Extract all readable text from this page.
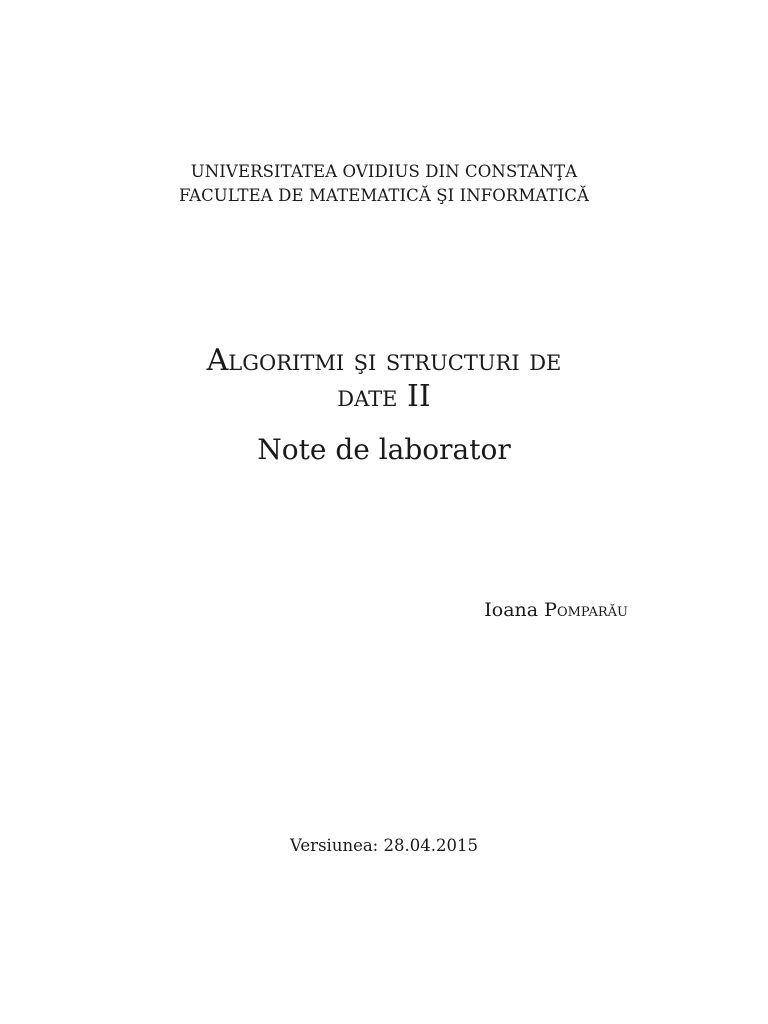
UNIVERSITATEA OVIDIUS DIN CONSTANŢA
FACULTEA DE MATEMATICĂ ŞI INFORMATICĂ
Algoritmi şi structuri de
date II
Note de laborator
Ioana Pomparău
Versiunea: 28.04.2015
